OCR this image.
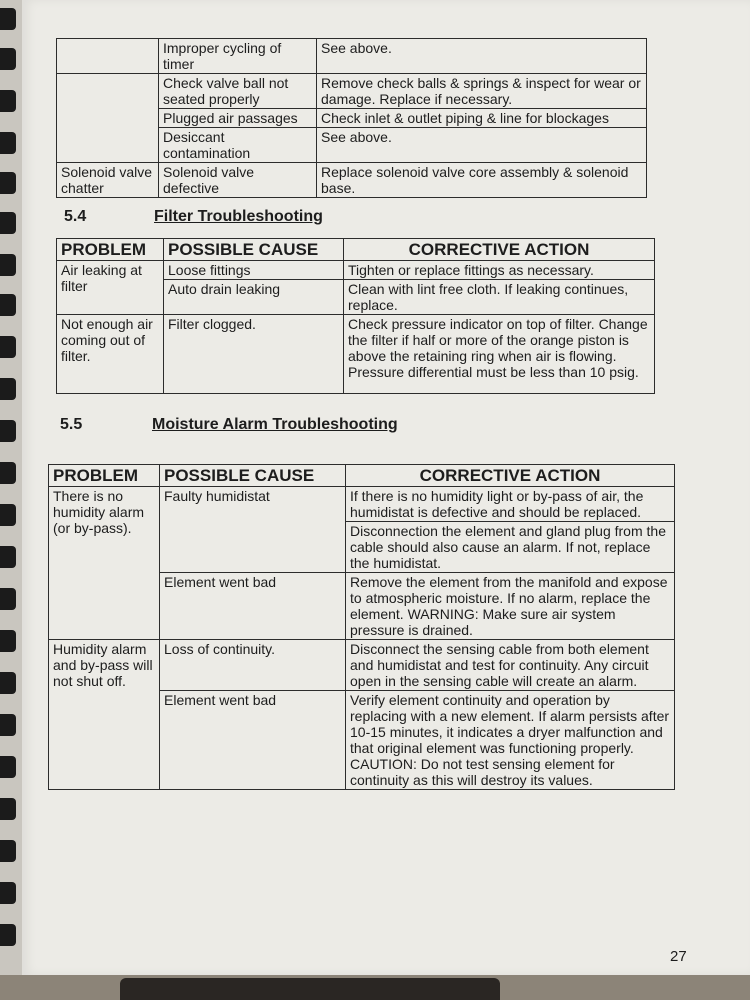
	Improper cycling of timer	See above.
	Check valve ball not seated properly	Remove check balls & springs & inspect for wear or damage. Replace if necessary.
	Plugged air passages	Check inlet & outlet piping & line for blockages
	Desiccant contamination	See above.
Solenoid valve chatter	Solenoid valve defective	Replace solenoid valve core assembly & solenoid base.
5.4	Filter Troubleshooting
PROBLEM	POSSIBLE CAUSE	CORRECTIVE ACTION
Air leaking at filter	Loose fittings	Tighten or replace fittings as necessary.
	Auto drain leaking	Clean with lint free cloth. If leaking continues, replace.
Not enough air coming out of filter.	Filter clogged.	Check pressure indicator on top of filter. Change the filter if half or more of the orange piston is above the retaining ring when air is flowing. Pressure differential must be less than 10 psig.
5.5	Moisture Alarm Troubleshooting
PROBLEM	POSSIBLE CAUSE	CORRECTIVE ACTION
There is no humidity alarm (or by-pass).	Faulty humidistat	If there is no humidity light or by-pass of air, the humidistat is defective and should be replaced.
		Disconnection the element and gland plug from the cable should also cause an alarm. If not, replace the humidistat.
	Element went bad	Remove the element from the manifold and expose to atmospheric moisture. If no alarm, replace the element. WARNING: Make sure air system pressure is drained.
Humidity alarm and by-pass will not shut off.	Loss of continuity.	Disconnect the sensing cable from both element and humidistat and test for continuity. Any circuit open in the sensing cable will create an alarm.
	Element went bad	Verify element continuity and operation by replacing with a new element. If alarm persists after 10-15 minutes, it indicates a dryer malfunction and that original element was functioning properly. CAUTION: Do not test sensing element for continuity as this will destroy its values.
27
